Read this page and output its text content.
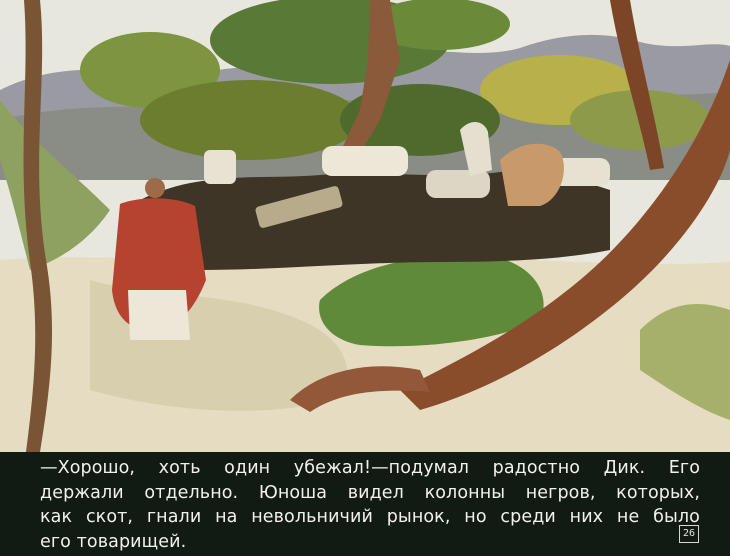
—Хорошо, хоть один убежал!—подумал радостно Дик. Его
держали отдельно. Юноша видел колонны негров, которых,
как скот, гнали на невольничий рынок, но среди них не было
его товарищей.	26
